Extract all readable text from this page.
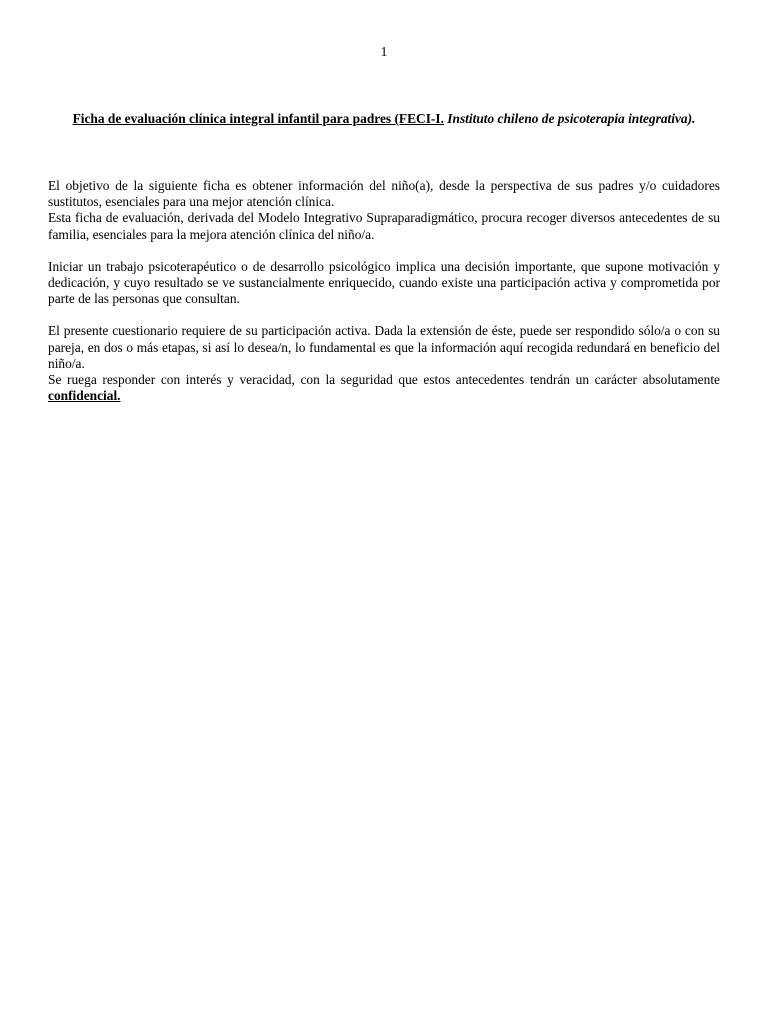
1
Ficha de evaluación clínica integral infantil para padres (FECI-I. Instituto chileno de psicoterapia integrativa).

El objetivo de la siguiente ficha es obtener información del niño(a), desde la perspectiva de sus padres y/o cuidadores sustitutos, esenciales para una mejor atención clínica.

Esta ficha de evaluación, derivada del Modelo Integrativo Supraparadigmático, procura recoger diversos antecedentes de su familia, esenciales para la mejora atención clínica del niño/a.

Iniciar un trabajo psicoterapéutico o de desarrollo psicológico implica una decisión importante, que supone motivación y dedicación, y cuyo resultado se ve sustancialmente enriquecido, cuando existe una participación activa y comprometida por parte de las personas que consultan.

El presente cuestionario requiere de su participación activa. Dada la extensión de éste, puede ser respondido sólo/a o con su pareja, en dos o más etapas, si así lo desea/n, lo fundamental es que la información aquí recogida redundará en beneficio del niño/a.

Se ruega responder con interés y veracidad, con la seguridad que estos antecedentes tendrán un carácter absolutamente confidencial.
